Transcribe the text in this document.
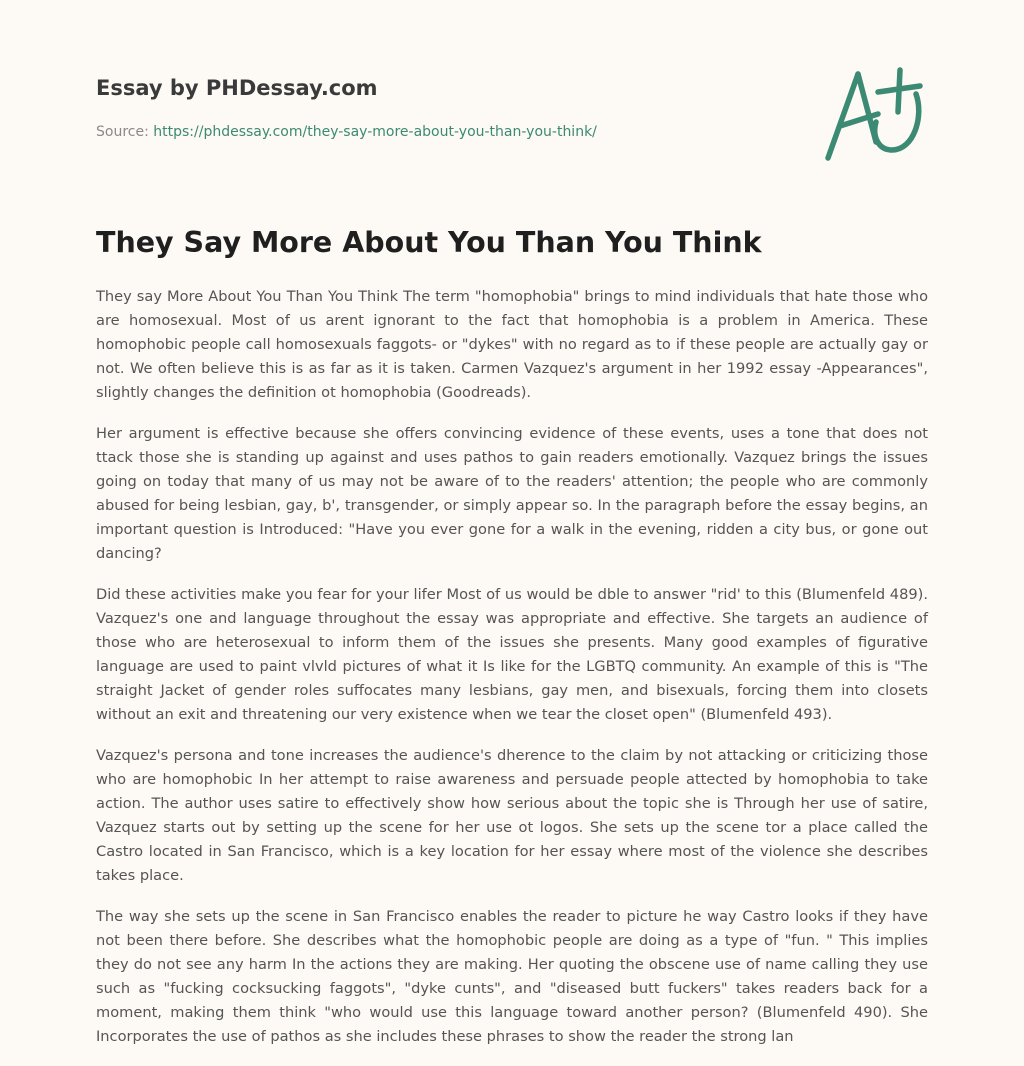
Essay by PHDessay.com
Source: https://phdessay.com/they-say-more-about-you-than-you-think/
They Say More About You Than You Think

They say More About You Than You Think The term "homophobia" brings to mind individuals that hate those who are homosexual. Most of us arent ignorant to the fact that homophobia is a problem in America. These homophobic people call homosexuals faggots- or "dykes" with no regard as to if these people are actually gay or not. We often believe this is as far as it is taken. Carmen Vazquez's argument in her 1992 essay -Appearances", slightly changes the definition ot homophobia (Goodreads).

Her argument is effective because she offers convincing evidence of these events, uses a tone that does not ttack those she is standing up against and uses pathos to gain readers emotionally. Vazquez brings the issues going on today that many of us may not be aware of to the readers' attention; the people who are commonly abused for being lesbian, gay, b', transgender, or simply appear so. In the paragraph before the essay begins, an important question is Introduced: "Have you ever gone for a walk in the evening, ridden a city bus, or gone out dancing?

Did these activities make you fear for your lifer Most of us would be dble to answer "rid' to this (Blumenfeld 489). Vazquez's one and language throughout the essay was appropriate and effective. She targets an audience of those who are heterosexual to inform them of the issues she presents. Many good examples of figurative language are used to paint vlvld pictures of what it Is like for the LGBTQ community. An example of this is "The straight Jacket of gender roles suffocates many lesbians, gay men, and bisexuals, forcing them into closets without an exit and threatening our very existence when we tear the closet open" (Blumenfeld 493).

Vazquez's persona and tone increases the audience's dherence to the claim by not attacking or criticizing those who are homophobic In her attempt to raise awareness and persuade people attected by homophobia to take action. The author uses satire to effectively show how serious about the topic she is Through her use of satire, Vazquez starts out by setting up the scene for her use ot logos. She sets up the scene tor a place called the Castro located in San Francisco, which is a key location for her essay where most of the violence she describes takes place.

The way she sets up the scene in San Francisco enables the reader to picture he way Castro looks if they have not been there before. She describes what the homophobic people are doing as a type of "fun. " This implies they do not see any harm In the actions they are making. Her quoting the obscene use of name calling they use such as "fucking cocksucking faggots", "dyke cunts", and "diseased butt fuckers" takes readers back for a moment, making them think "who would use this language toward another person? (Blumenfeld 490). She Incorporates the use of pathos as she includes these phrases to show the reader the strong lan
